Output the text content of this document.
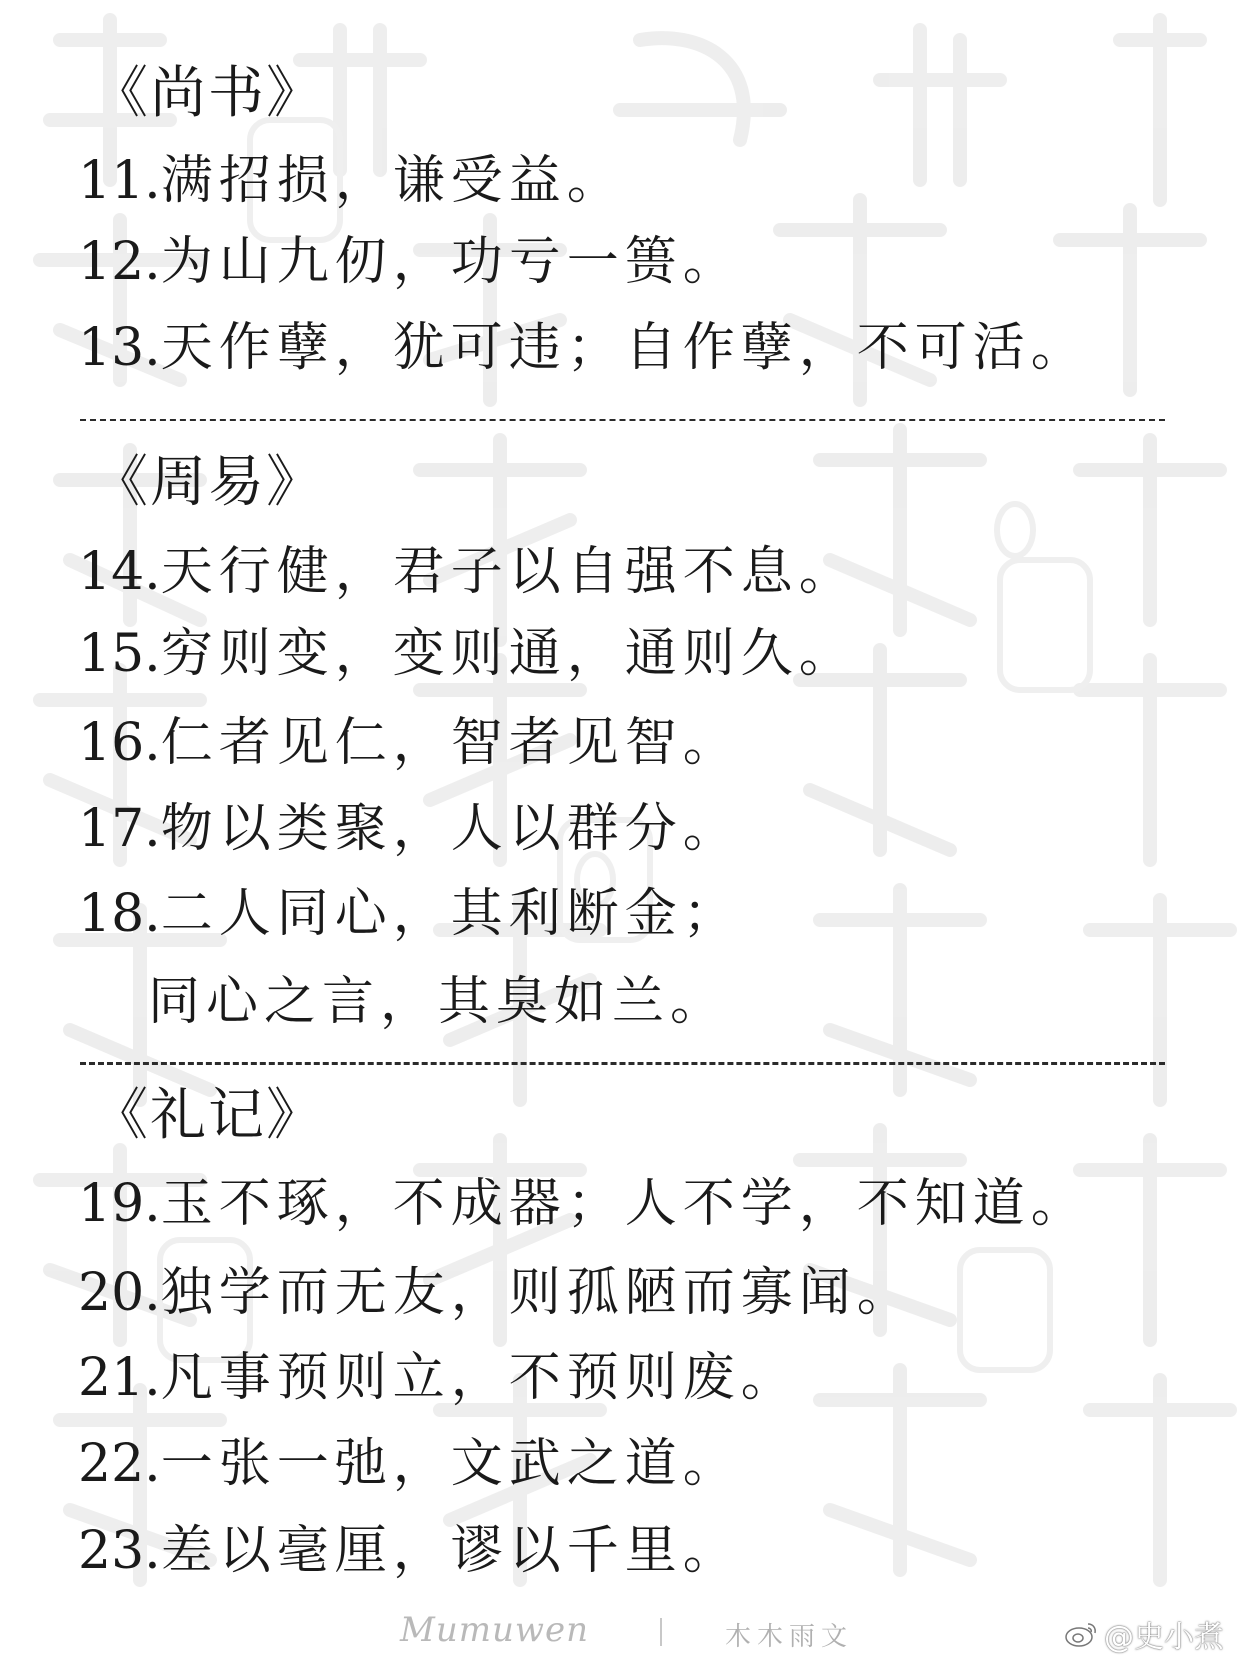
《尚书》
11.满招损，谦受益。
12.为山九仞，功亏一篑。
13.天作孽，犹可违；自作孽，不可活。
《周易》
14.天行健，君子以自强不息。
15.穷则变，变则通，通则久。
16.仁者见仁，智者见智。
17.物以类聚，人以群分。
18.二人同心，其利断金；
同心之言，其臭如兰。
《礼记》
19.玉不琢，不成器；人不学，不知道。
20.独学而无友，则孤陋而寡闻。
21.凡事预则立，不预则废。
22.一张一弛，文武之道。
23.差以毫厘，谬以千里。
Mumuwen	木木雨文	@史小煮
